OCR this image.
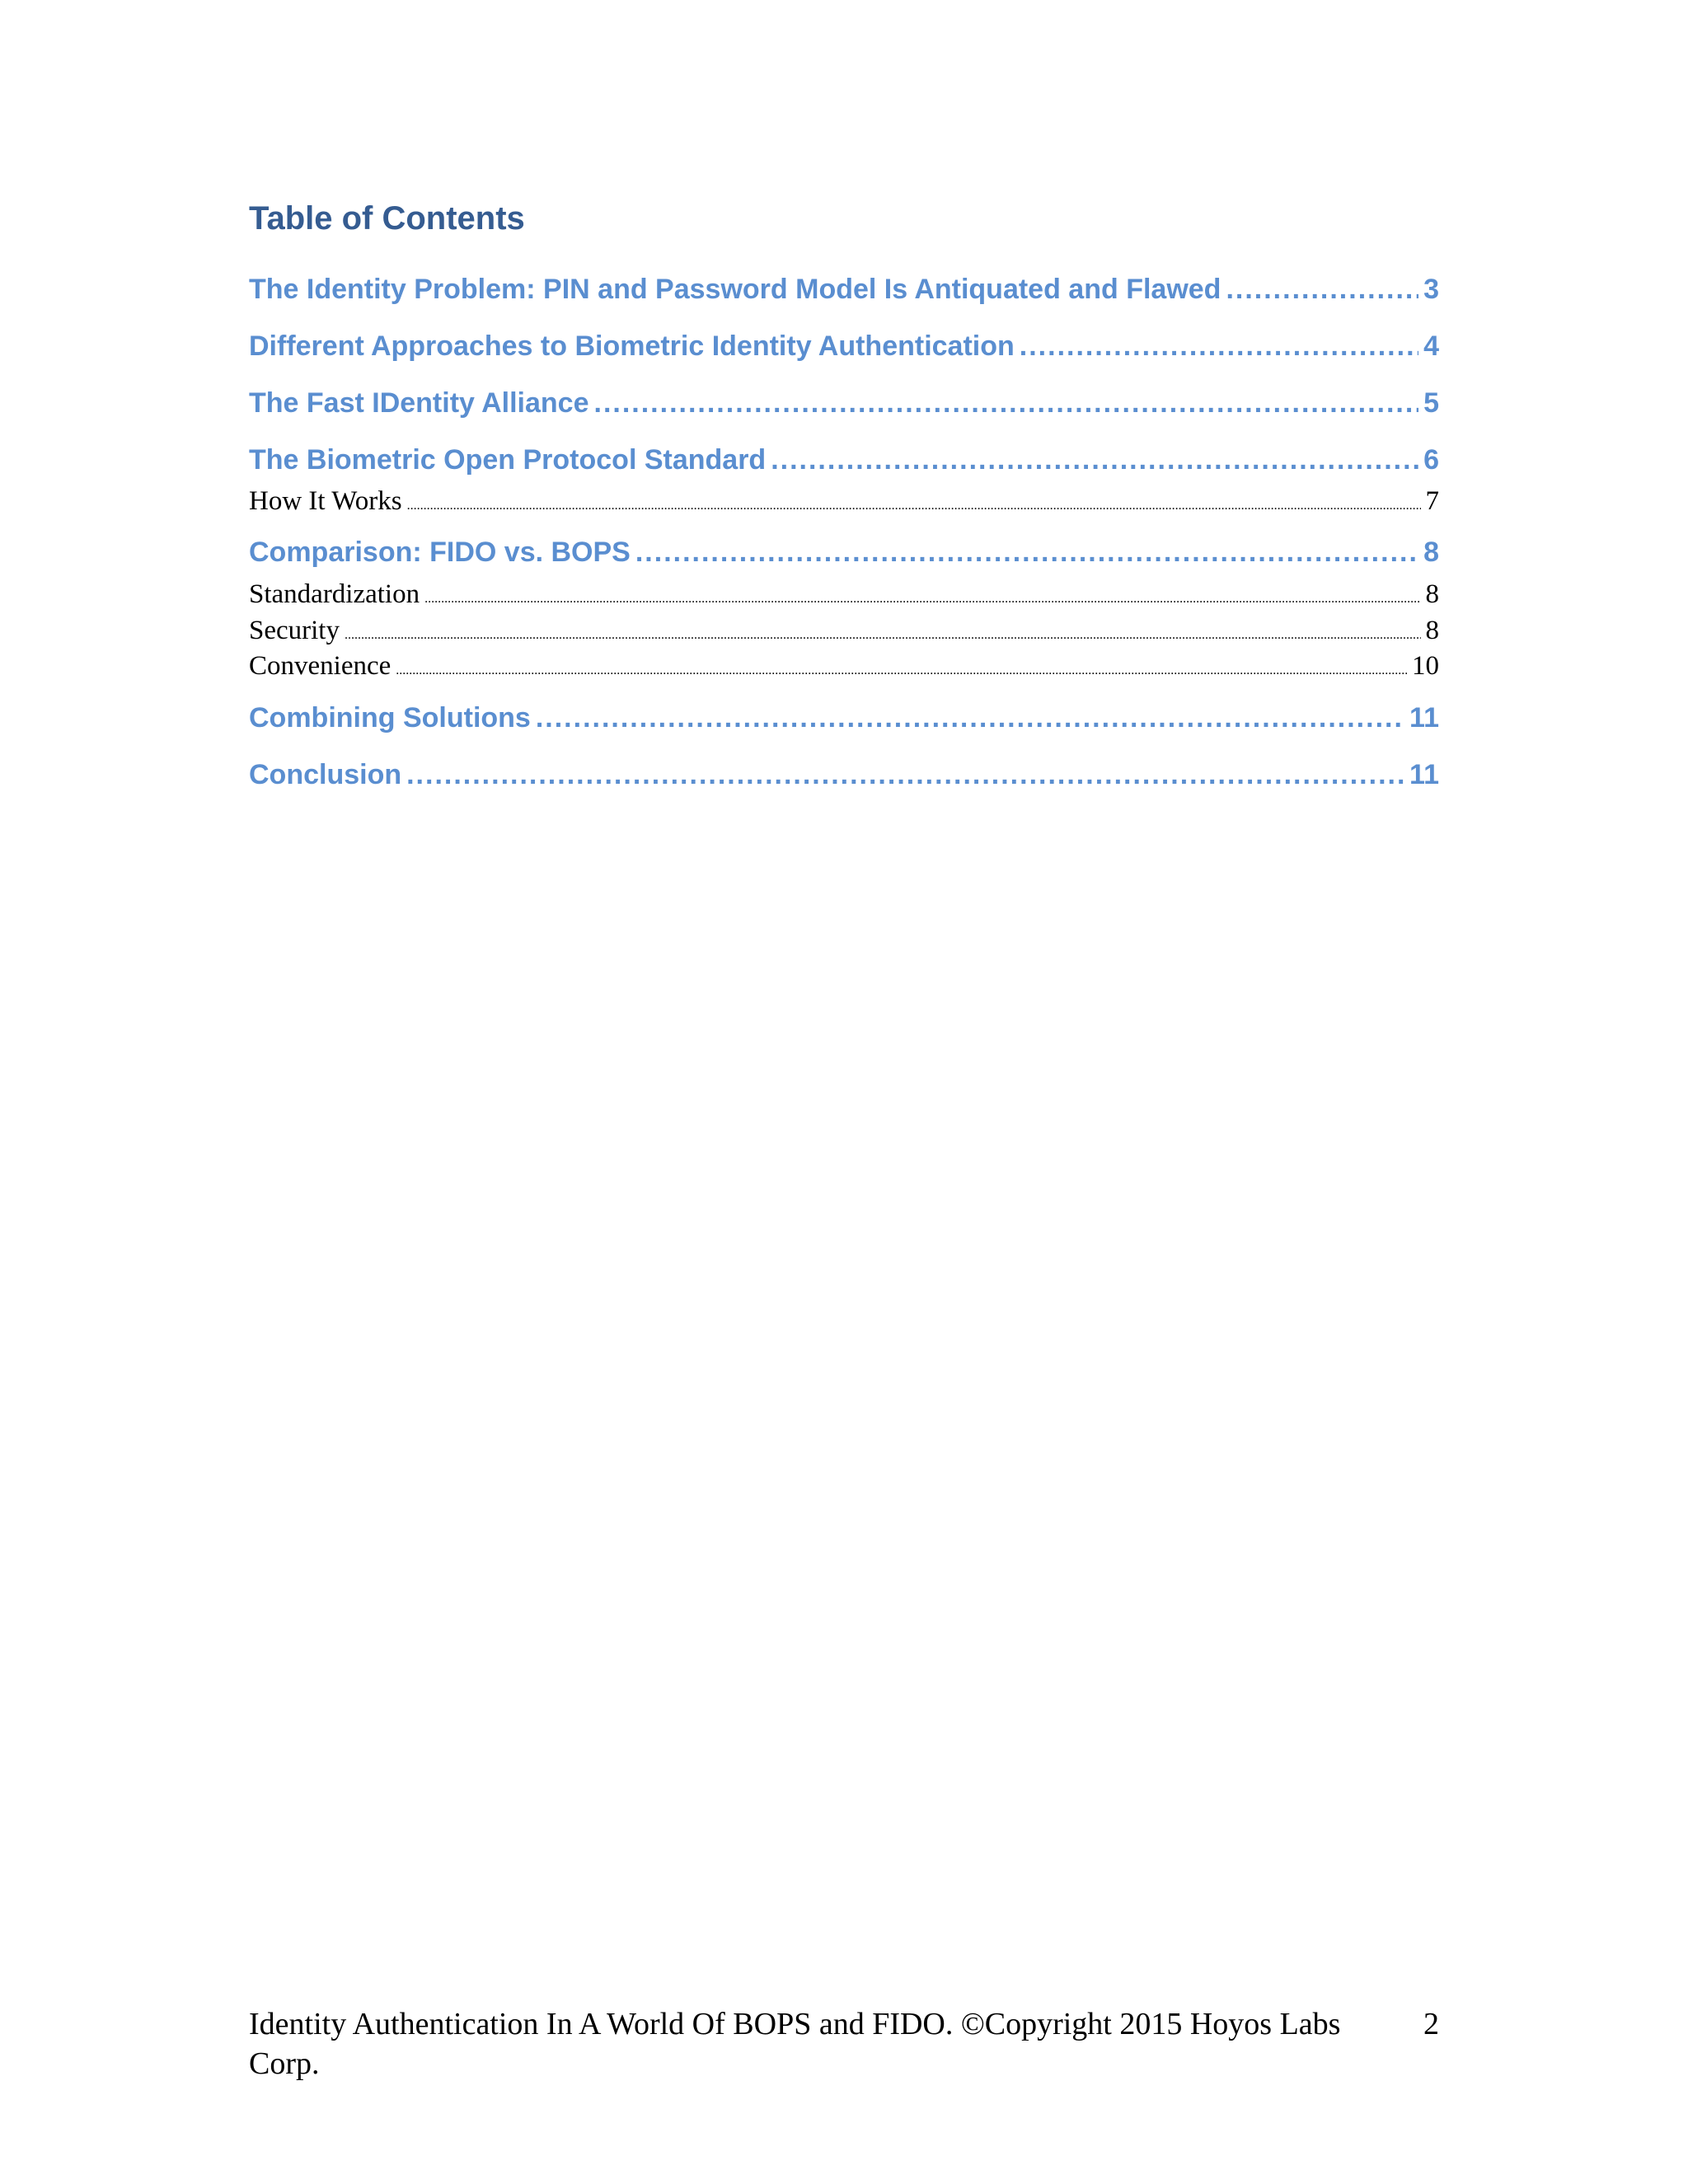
Table of Contents
The Identity Problem: PIN and Password Model Is Antiquated and Flawed .....	3
Different Approaches to Biometric Identity Authentication .....	4
The Fast IDentity Alliance .....	5
The Biometric Open Protocol Standard .....	6
How It Works .....	7
Comparison: FIDO vs. BOPS .....	8
Standardization .....	8
Security .....	8
Convenience .....	10
Combining Solutions .....	11
Conclusion .....	11
Identity Authentication In A World Of BOPS and FIDO. ©Copyright 2015 Hoyos Labs Corp.
2
